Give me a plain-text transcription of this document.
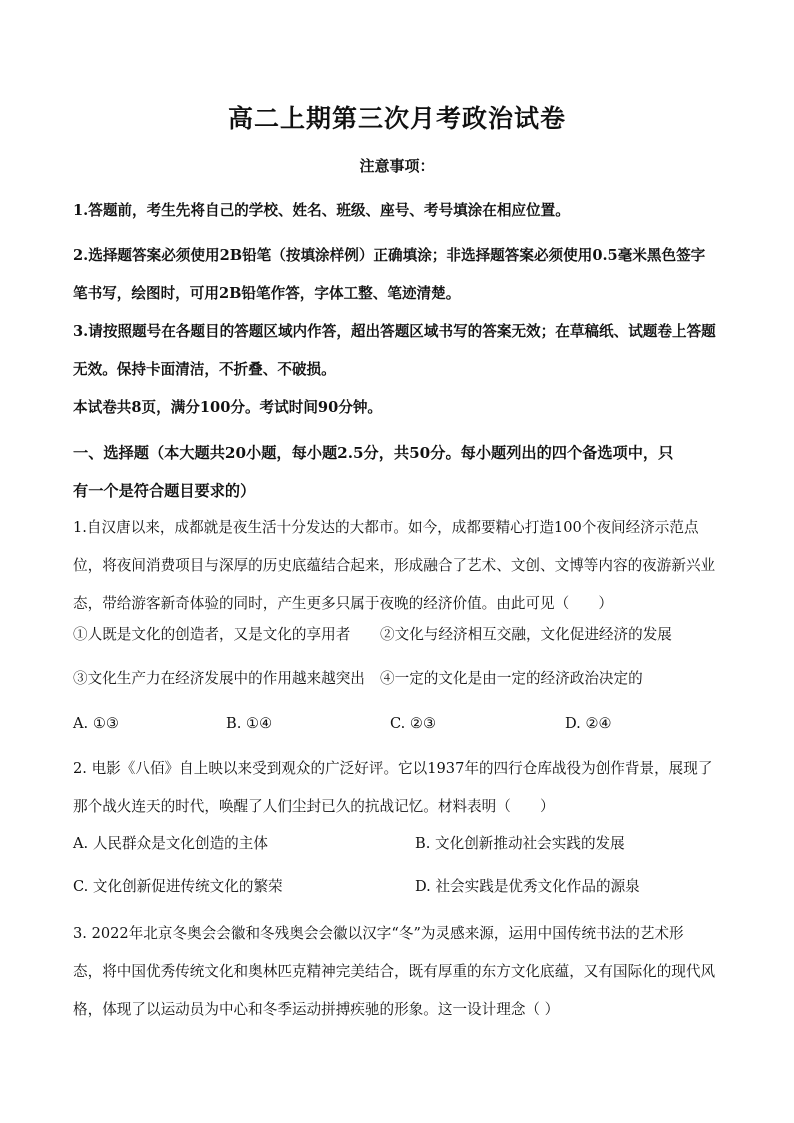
高二上期第三次月考政治试卷
注意事项：
1.答题前，考生先将自己的学校、姓名、班级、座号、考号填涂在相应位置。
2.选择题答案必须使用2B铅笔（按填涂样例）正确填涂；非选择题答案必须使用0.5毫米黑色签字
笔书写，绘图时，可用2B铅笔作答，字体工整、笔迹清楚。
3.请按照题号在各题目的答题区域内作答，超出答题区域书写的答案无效；在草稿纸、试题卷上答题
无效。保持卡面清洁，不折叠、不破损。
本试卷共8页，满分100分。考试时间90分钟。
一、选择题（本大题共20小题，每小题2.5分，共50分。每小题列出的四个备选项中，只
有一个是符合题目要求的）
1.自汉唐以来，成都就是夜生活十分发达的大都市。如今，成都要精心打造100个夜间经济示范点
位，将夜间消费项目与深厚的历史底蕴结合起来，形成融合了艺术、文创、文博等内容的夜游新兴业
态，带给游客新奇体验的同时，产生更多只属于夜晚的经济价值。由此可见（　　）
①人既是文化的创造者，又是文化的享用者 ②文化与经济相互交融，文化促进经济的发展
③文化生产力在经济发展中的作用越来越突出 ④一定的文化是由一定的经济政治决定的
A. ①③	B. ①④	C. ②③	D. ②④
2. 电影《八佰》自上映以来受到观众的广泛好评。它以1937年的四行仓库战役为创作背景，展现了
那个战火连天的时代，唤醒了人们尘封已久的抗战记忆。材料表明（　　）
A. 人民群众是文化创造的主体	B. 文化创新推动社会实践的发展
C. 文化创新促进传统文化的繁荣	D. 社会实践是优秀文化作品的源泉
3. 2022年北京冬奥会会徽和冬残奥会会徽以汉字“冬”为灵感来源，运用中国传统书法的艺术形
态，将中国优秀传统文化和奥林匹克精神完美结合，既有厚重的东方文化底蕴，又有国际化的现代风
格，体现了以运动员为中心和冬季运动拼搏疾驰的形象。这一设计理念（ ）
